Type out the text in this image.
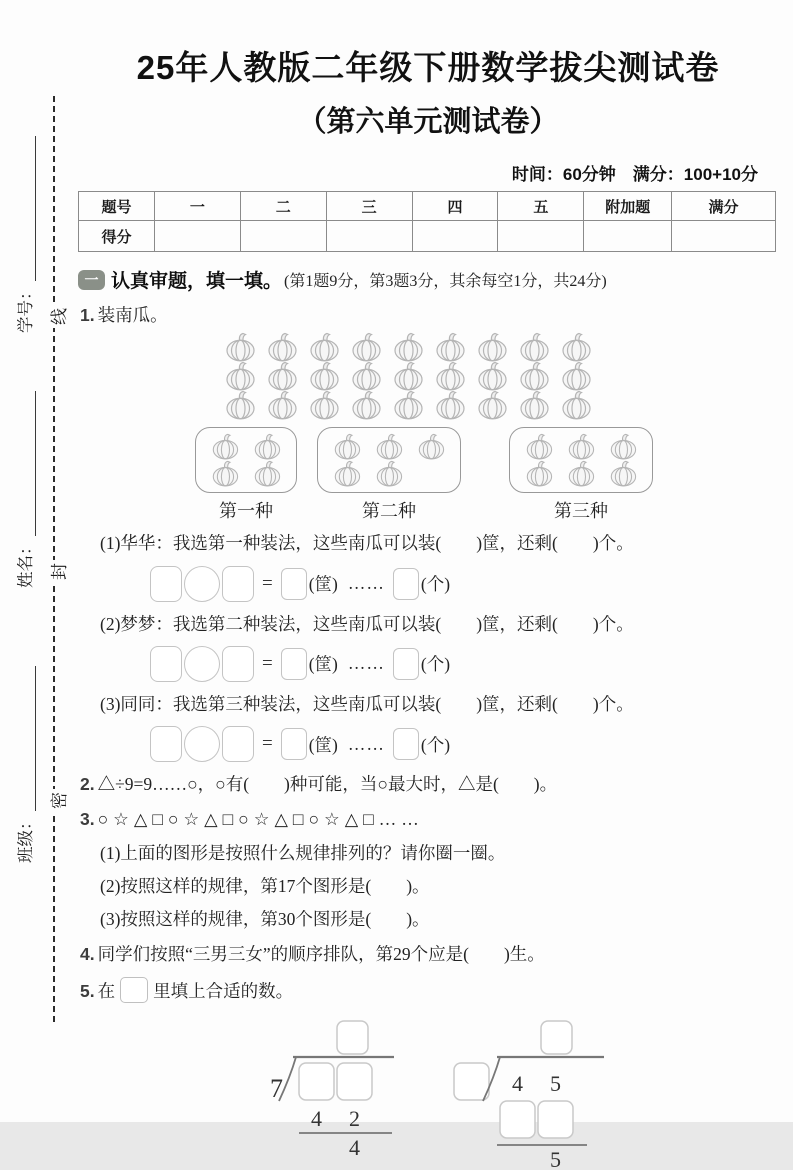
学号：
姓名：
班级：
线
封
密
25年人教版二年级下册数学拔尖测试卷
（第六单元测试卷）
时间：60分钟　满分：100+10分
题号	一	二	三	四	五	附加题	满分
得分							
一 认真审题，填一填。 (第1题9分，第3题3分，其余每空1分，共24分)
1. 装南瓜。
第一种	第二种	第三种
(1)华华：我选第一种装法，这些南瓜可以装(　　)筐，还剩(　　)个。
= (筐) …… (个)
(2)梦梦：我选第二种装法，这些南瓜可以装(　　)筐，还剩(　　)个。
= (筐) …… (个)
(3)同同：我选第三种装法，这些南瓜可以装(　　)筐，还剩(　　)个。
= (筐) …… (个)
2. △÷9=9……○，○有(　　)种可能，当○最大时，△是(　　)。
3. ○☆△□○☆△□○☆△□○☆△□……
(1)上面的图形是按照什么规律排列的？请你圈一圈。
(2)按照这样的规律，第17个图形是(　　)。
(3)按照这样的规律，第30个图形是(　　)。
4. 同学们按照“三男三女”的顺序排队，第29个应是(　　)生。
5. 在 里填上合适的数。
7
4 2
4
4 5
5
